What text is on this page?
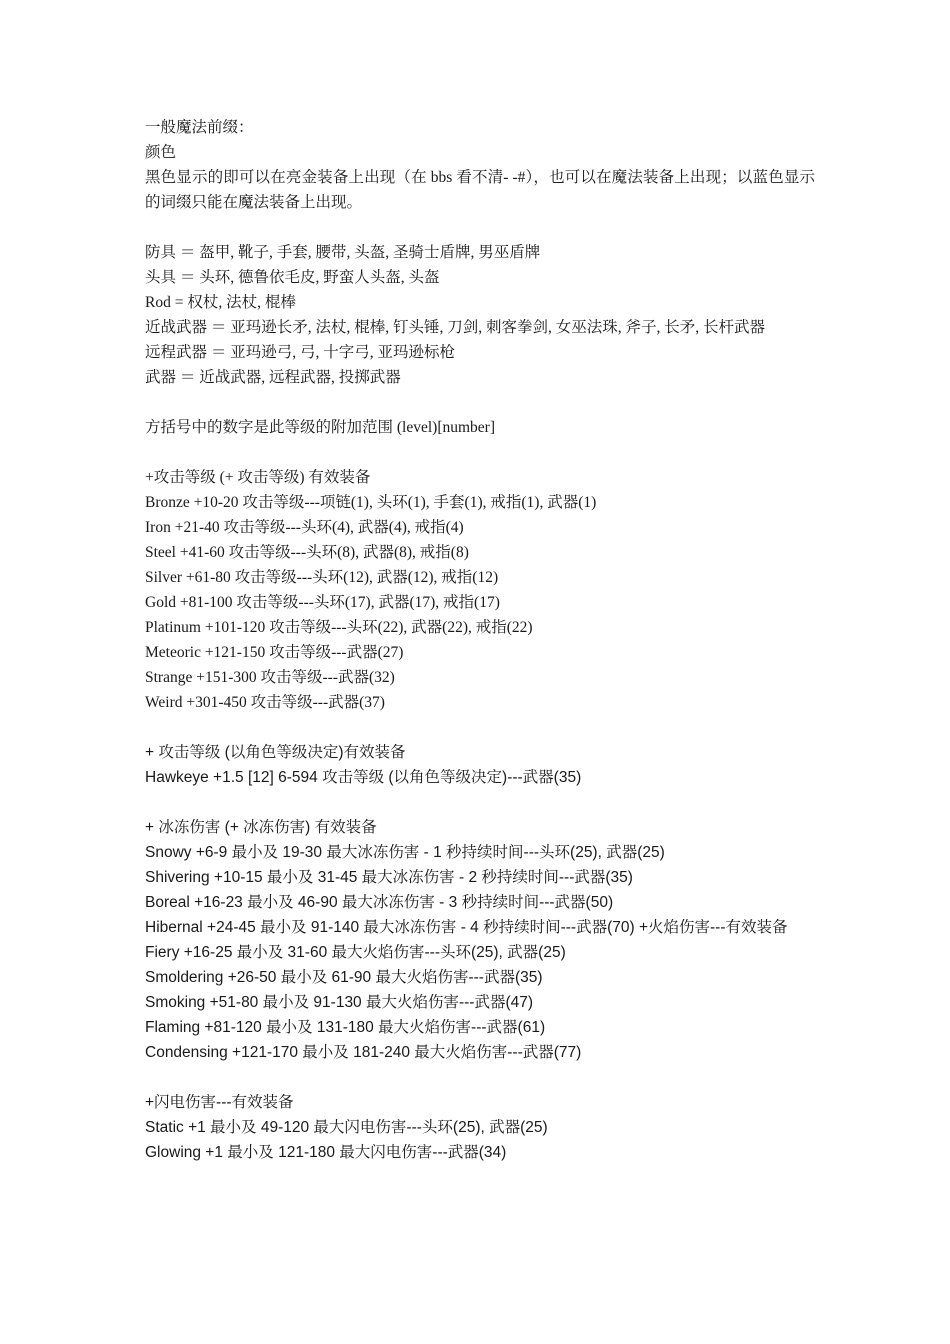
一般魔法前缀：
颜色
黑色显示的即可以在亮金装备上出现（在 bbs 看不清- -#），也可以在魔法装备上出现；以蓝色显示的词缀只能在魔法装备上出现。
防具 ＝ 盔甲, 靴子, 手套, 腰带, 头盔, 圣骑士盾牌, 男巫盾牌
头具 ＝ 头环, 德鲁依毛皮, 野蛮人头盔, 头盔
Rod = 权杖, 法杖, 棍棒
近战武器 ＝ 亚玛逊长矛, 法杖, 棍棒, 钉头锤, 刀剑, 刺客拳剑, 女巫法珠, 斧子, 长矛, 长杆武器
远程武器 ＝ 亚玛逊弓, 弓, 十字弓, 亚玛逊标枪
武器 ＝ 近战武器, 远程武器, 投掷武器
方括号中的数字是此等级的附加范围 (level)[number]
+攻击等级 (+ 攻击等级) 有效装备
Bronze +10-20 攻击等级---项链(1), 头环(1), 手套(1), 戒指(1), 武器(1)
Iron +21-40 攻击等级---头环(4), 武器(4), 戒指(4)
Steel +41-60 攻击等级---头环(8), 武器(8), 戒指(8)
Silver +61-80 攻击等级---头环(12), 武器(12), 戒指(12)
Gold +81-100 攻击等级---头环(17), 武器(17), 戒指(17)
Platinum +101-120 攻击等级---头环(22), 武器(22), 戒指(22)
Meteoric +121-150 攻击等级---武器(27)
Strange +151-300 攻击等级---武器(32)
Weird +301-450 攻击等级---武器(37)
+ 攻击等级 (以角色等级决定)有效装备
Hawkeye +1.5 [12] 6-594 攻击等级 (以角色等级决定)---武器(35)
+ 冰冻伤害 (+ 冰冻伤害) 有效装备
Snowy +6-9 最小及 19-30 最大冰冻伤害 - 1 秒持续时间---头环(25), 武器(25)
Shivering +10-15 最小及 31-45 最大冰冻伤害 - 2 秒持续时间---武器(35)
Boreal +16-23 最小及 46-90 最大冰冻伤害 - 3 秒持续时间---武器(50)
Hibernal +24-45 最小及 91-140 最大冰冻伤害 - 4 秒持续时间---武器(70) +火焰伤害---有效装备
Fiery +16-25 最小及 31-60 最大火焰伤害---头环(25), 武器(25)
Smoldering +26-50 最小及 61-90 最大火焰伤害---武器(35)
Smoking +51-80 最小及 91-130 最大火焰伤害---武器(47)
Flaming +81-120 最小及 131-180 最大火焰伤害---武器(61)
Condensing +121-170 最小及 181-240 最大火焰伤害---武器(77)
+闪电伤害---有效装备
Static +1 最小及 49-120 最大闪电伤害---头环(25), 武器(25)
Glowing +1 最小及 121-180 最大闪电伤害---武器(34)
